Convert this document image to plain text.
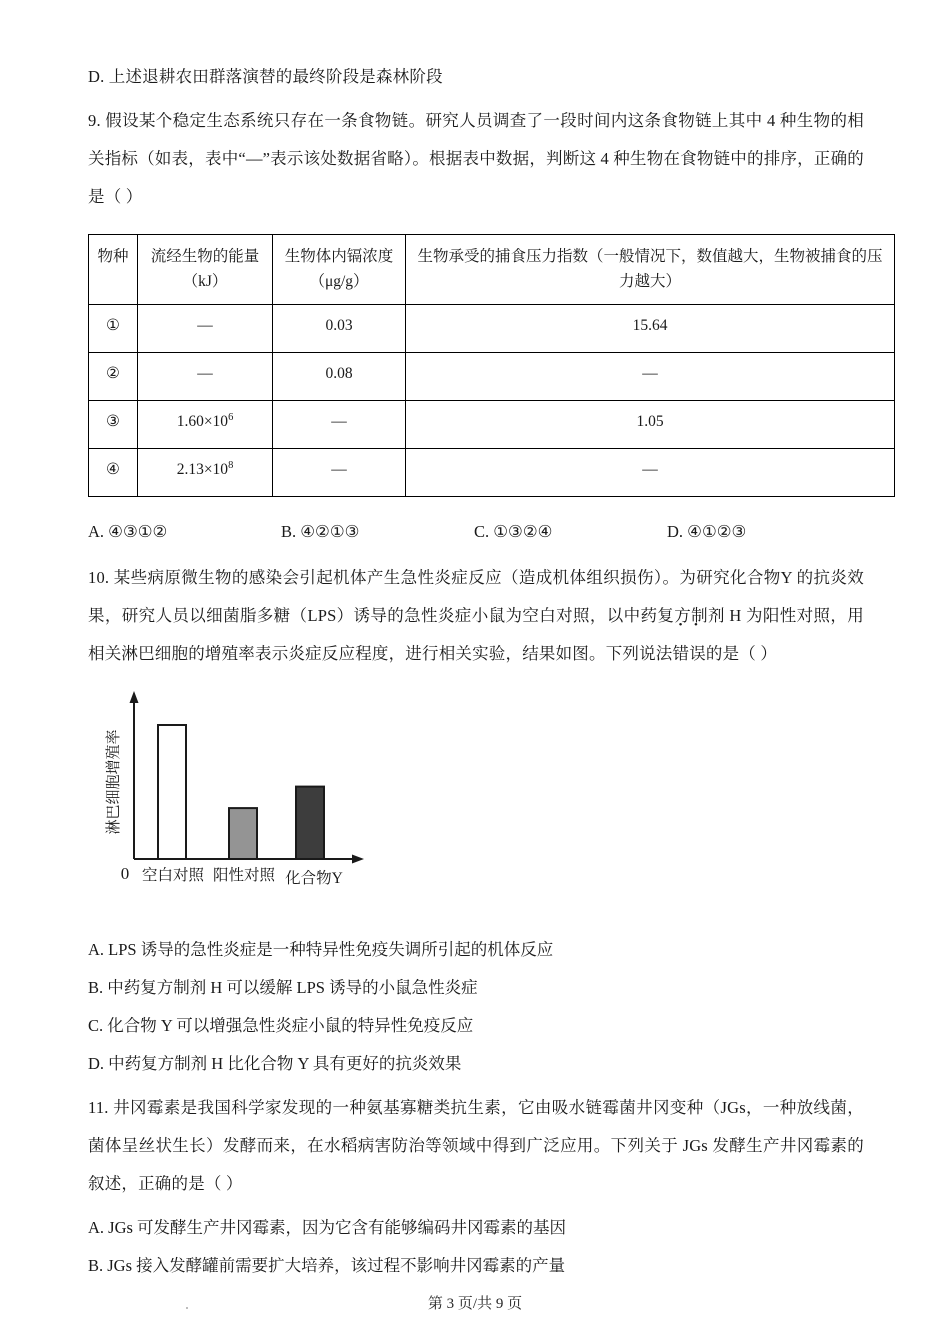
D. 上述退耕农田群落演替的最终阶段是森林阶段

9. 假设某个稳定生态系统只存在一条食物链。研究人员调查了一段时间内这条食物链上其中 4 种生物的相关指标（如表，表中“—”表示该处数据省略）。根据表中数据，判断这 4 种生物在食物链中的排序，正确的是（ ）

物种	流经生物的能量（kJ）	生物体内镉浓度（μg/g）	生物承受的捕食压力指数（一般情况下，数值越大，生物被捕食的压力越大）
①	—	0.03	15.64
②	—	0.08	—
③	$1.60\times 10^6$	—	1.05
④	$2.13\times 10^8$	—	—
A. ④③①②	B. ④②①③	C. ①③②④	D. ④①②③

10. 某些病原微生物的感染会引起机体产生急性炎症反应（造成机体组织损伤）。为研究化合物Y 的抗炎效果，研究人员以细菌脂多糖（LPS）诱导的急性炎症小鼠为空白对照，以中药复方制剂 H 为阳性对照，用相关淋巴细胞的增殖率表示炎症反应程度，进行相关实验，结果如图。下列说法•  • 错误的是（ ）

淋巴细胞增殖率
0 空白对照 阳性对照 化合物Y

A. LPS 诱导的急性炎症是一种特异性免疫失调所引起的机体反应

B. 中药复方制剂 H 可以缓解 LPS 诱导的小鼠急性炎症

C. 化合物 Y 可以增强急性炎症小鼠的特异性免疫反应

D. 中药复方制剂 H 比化合物 Y 具有更好的抗炎效果

11. 井冈霉素是我国科学家发现的一种氨基寡糖类抗生素，它由吸水链霉菌井冈变种（JGs，一种放线菌，菌体呈丝状生长）发酵而来，在水稻病害防治等领域中得到广泛应用。下列关于 JGs 发酵生产井冈霉素的叙述，正确的是（ ）

A. JGs 可发酵生产井冈霉素，因为它含有能够编码井冈霉素的基因

B. JGs 接入发酵罐前需要扩大培养，该过程不影响井冈霉素的产量

第 3 页/共 9 页
